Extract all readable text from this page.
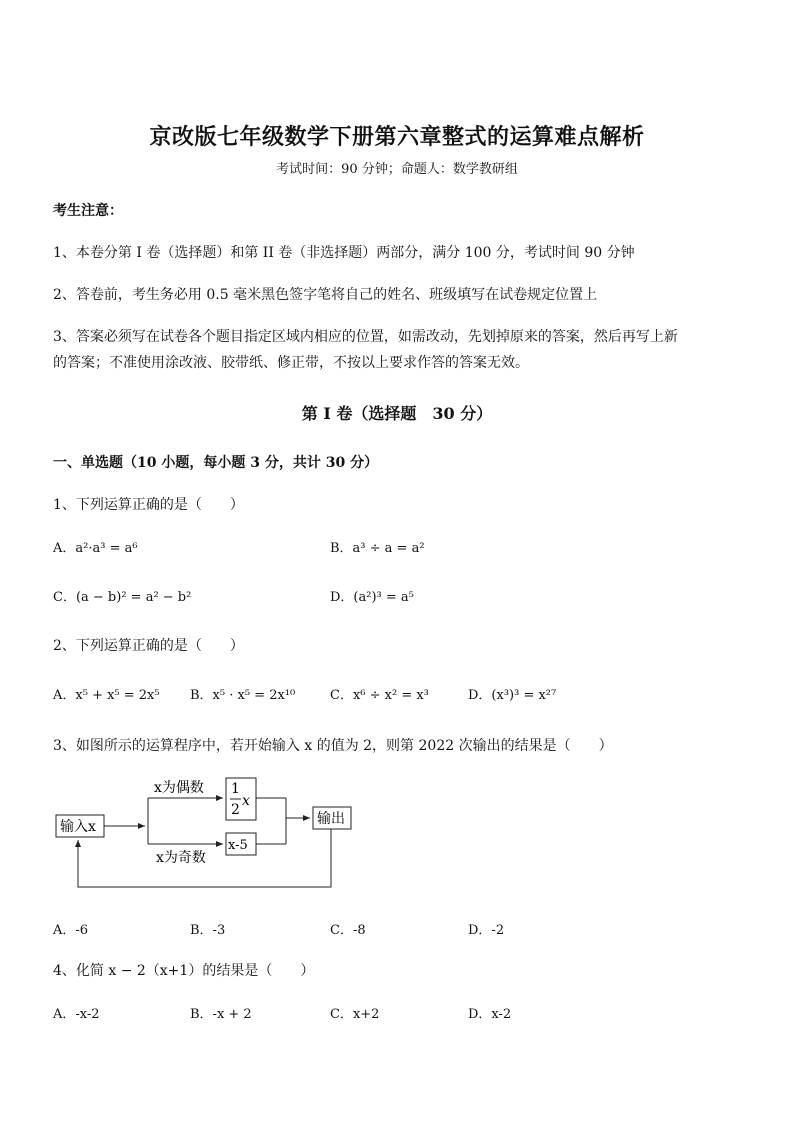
京改版七年级数学下册第六章整式的运算难点解析
考试时间：90 分钟；命题人：数学教研组
考生注意：
1、本卷分第 I 卷（选择题）和第 II 卷（非选择题）两部分，满分 100 分，考试时间 90 分钟
2、答卷前，考生务必用 0.5 毫米黑色签字笔将自己的姓名、班级填写在试卷规定位置上
3、答案必须写在试卷各个题目指定区域内相应的位置，如需改动，先划掉原来的答案，然后再写上新
的答案；不准使用涂改液、胶带纸、修正带，不按以上要求作答的答案无效。
第 I 卷（选择题　30 分）
一、单选题（10 小题，每小题 3 分，共计 30 分）
1、下列运算正确的是（　　）
A．a²·a³ = a⁶	B．a³ ÷ a = a²
C．(a − b)² = a² − b²	D．(a²)³ = a⁵
2、下列运算正确的是（　　）
A．x⁵ + x⁵ = 2x⁵ B．x⁵ · x⁵ = 2x¹⁰	C．x⁶ ÷ x² = x³	D．(x³)³ = x²⁷
3、如图所示的运算程序中，若开始输入 x 的值为 2，则第 2022 次输出的结果是（　　）
输入x
x为偶数
x为奇数
1
2
x
x-5
输出
A．-6	B．-3	C．-8	D．-2
4、化简 x − 2（x+1）的结果是（　　）
A．-x-2	B．-x + 2	C．x+2	D．x-2
